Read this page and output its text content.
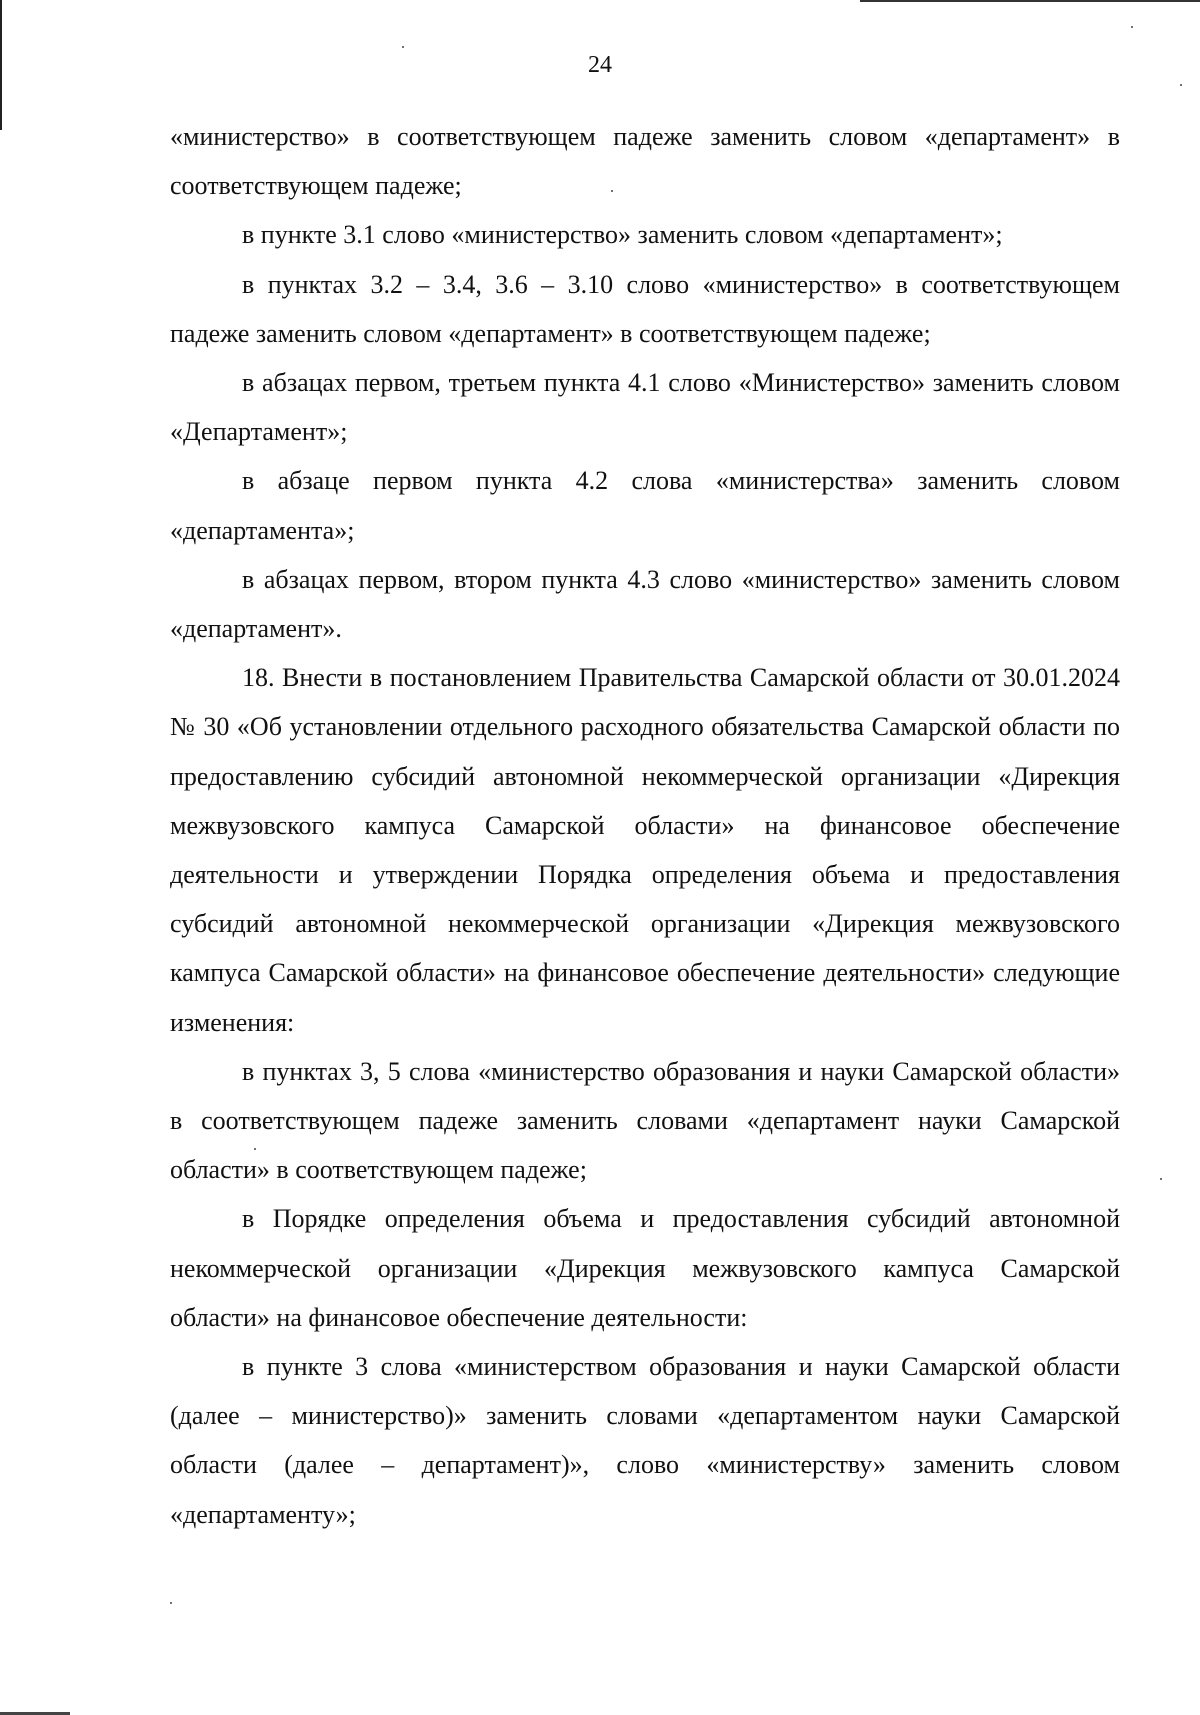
24

«министерство» в соответствующем падеже заменить словом «департамент» в соответствующем падеже;

в пункте 3.1 слово «министерство» заменить словом «департамент»;

в пунктах 3.2 – 3.4, 3.6 – 3.10 слово «министерство» в соответствующем падеже заменить словом «департамент» в соответствующем падеже;

в абзацах первом, третьем пункта 4.1 слово «Министерство» заменить словом «Департамент»;

в абзаце первом пункта 4.2 слова «министерства» заменить словом «департамента»;

в абзацах первом, втором пункта 4.3 слово «министерство» заменить словом «департамент».

18. Внести в постановлением Правительства Самарской области от 30.01.2024 № 30 «Об установлении отдельного расходного обязательства Самарской области по предоставлению субсидий автономной некоммерческой организации «Дирекция межвузовского кампуса Самарской области» на финансовое обеспечение деятельности и утверждении Порядка определения объема и предоставления субсидий автономной некоммерческой организации «Дирекция межвузовского кампуса Самарской области» на финансовое обеспечение деятельности» следующие изменения:

в пунктах 3, 5 слова «министерство образования и науки Самарской области» в соответствующем падеже заменить словами «департамент науки Самарской области» в соответствующем падеже;

в Порядке определения объема и предоставления субсидий автономной некоммерческой организации «Дирекция межвузовского кампуса Самарской области» на финансовое обеспечение деятельности:

в пункте 3 слова «министерством образования и науки Самарской области (далее – министерство)» заменить словами «департаментом науки Самарской области (далее – департамент)», слово «министерству» заменить словом «департаменту»;
